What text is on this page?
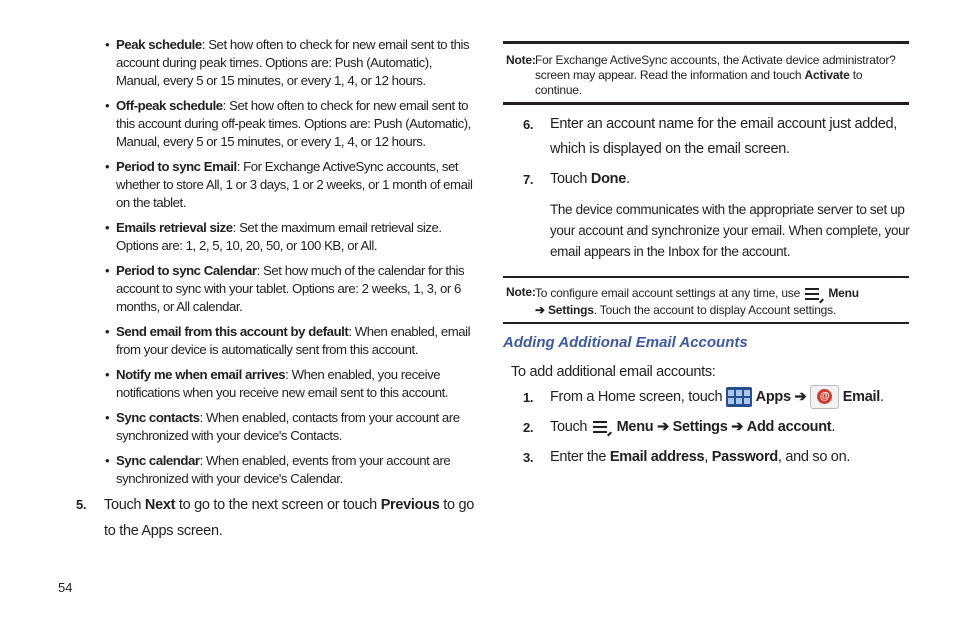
• Peak schedule: Set how often to check for new email sent to this account during peak times. Options are: Push (Automatic), Manual, every 5 or 15 minutes, or every 1, 4, or 12 hours.
• Off-peak schedule: Set how often to check for new email sent to this account during off-peak times. Options are: Push (Automatic), Manual, every 5 or 15 minutes, or every 1, 4, or 12 hours.
• Period to sync Email: For Exchange ActiveSync accounts, set whether to store All, 1 or 3 days, 1 or 2 weeks, or 1 month of email on the tablet.
• Emails retrieval size: Set the maximum email retrieval size. Options are: 1, 2, 5, 10, 20, 50, or 100 KB, or All.
• Period to sync Calendar: Set how much of the calendar for this account to sync with your tablet. Options are: 2 weeks, 1, 3, or 6 months, or All calendar.
• Send email from this account by default: When enabled, email from your device is automatically sent from this account.
• Notify me when email arrives: When enabled, you receive notifications when you receive new email sent to this account.
• Sync contacts: When enabled, contacts from your account are synchronized with your device's Contacts.
• Sync calendar: When enabled, events from your account are synchronized with your device's Calendar.
5. Touch Next to go to the next screen or touch Previous to go to the Apps screen.
54
Note: For Exchange ActiveSync accounts, the Activate device administrator? screen may appear. Read the information and touch Activate to continue.
6. Enter an account name for the email account just added, which is displayed on the email screen.
7. Touch Done.
The device communicates with the appropriate server to set up your account and synchronize your email. When complete, your email appears in the Inbox for the account.
Note: To configure email account settings at any time, use
Menu
➔ Settings. Touch the account to display Account settings.
Adding Additional Email Accounts
To add additional email accounts:
1. From a Home screen, touch
Apps ➔ @ Email.
2. Touch
Menu ➔ Settings ➔ Add account.
3. Enter the Email address, Password, and so on.
